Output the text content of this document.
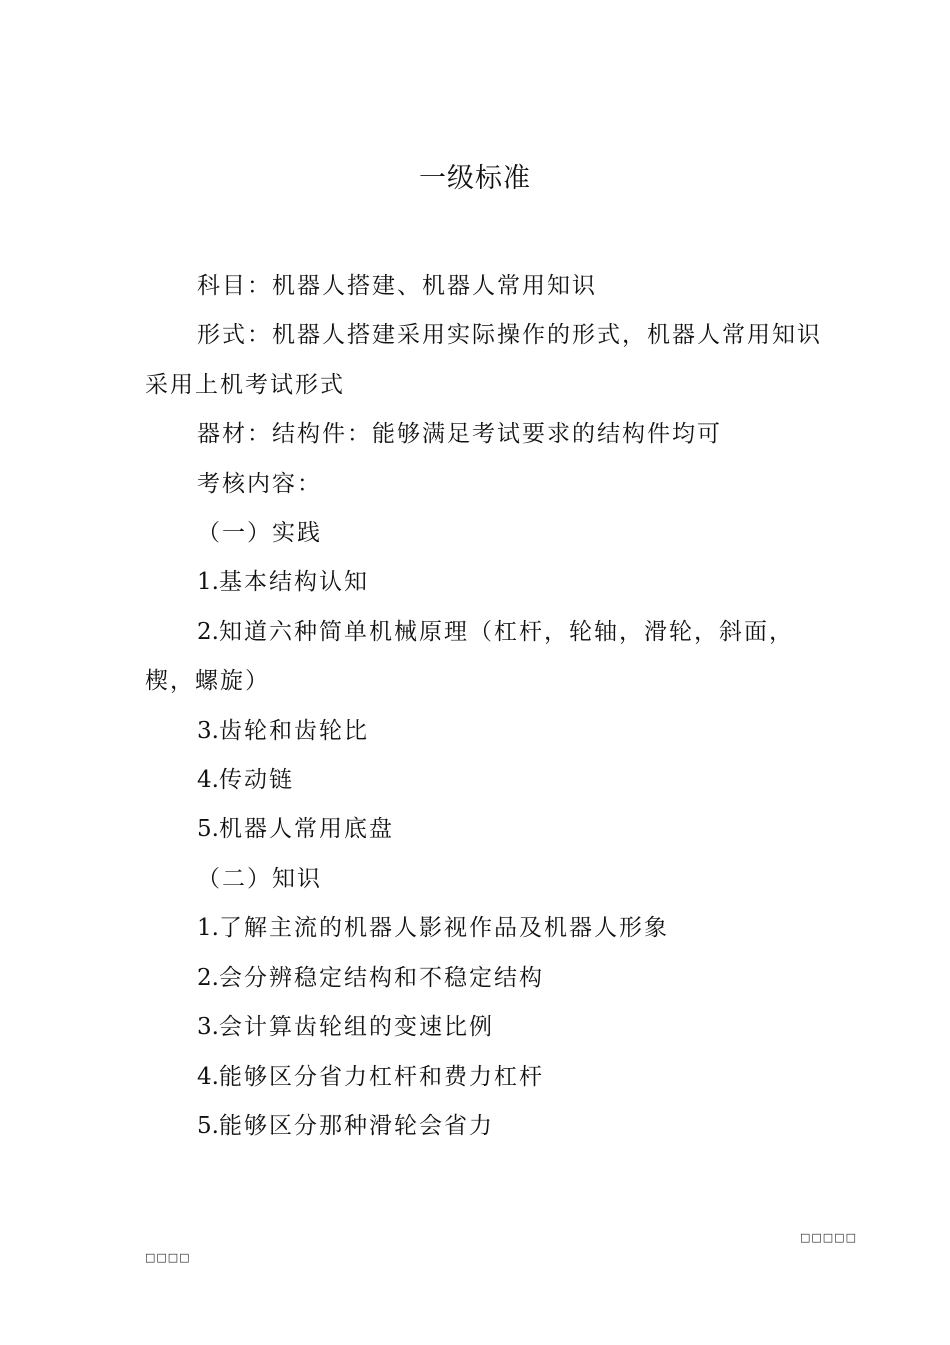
一级标准

科目：机器人搭建、机器人常用知识

形式：机器人搭建采用实际操作的形式，机器人常用知识采用上机考试形式

器材：结构件：能够满足考试要求的结构件均可

考核内容：

（一）实践

1.基本结构认知

2.知道六种简单机械原理（杠杆，轮轴，滑轮，斜面，楔，螺旋）

3.齿轮和齿轮比

4.传动链

5.机器人常用底盘

（二）知识

1.了解主流的机器人影视作品及机器人形象

2.会分辨稳定结构和不稳定结构

3.会计算齿轮组的变速比例

4.能够区分省力杠杆和费力杠杆

5.能够区分那种滑轮会省力

□□□□□
□□□□
